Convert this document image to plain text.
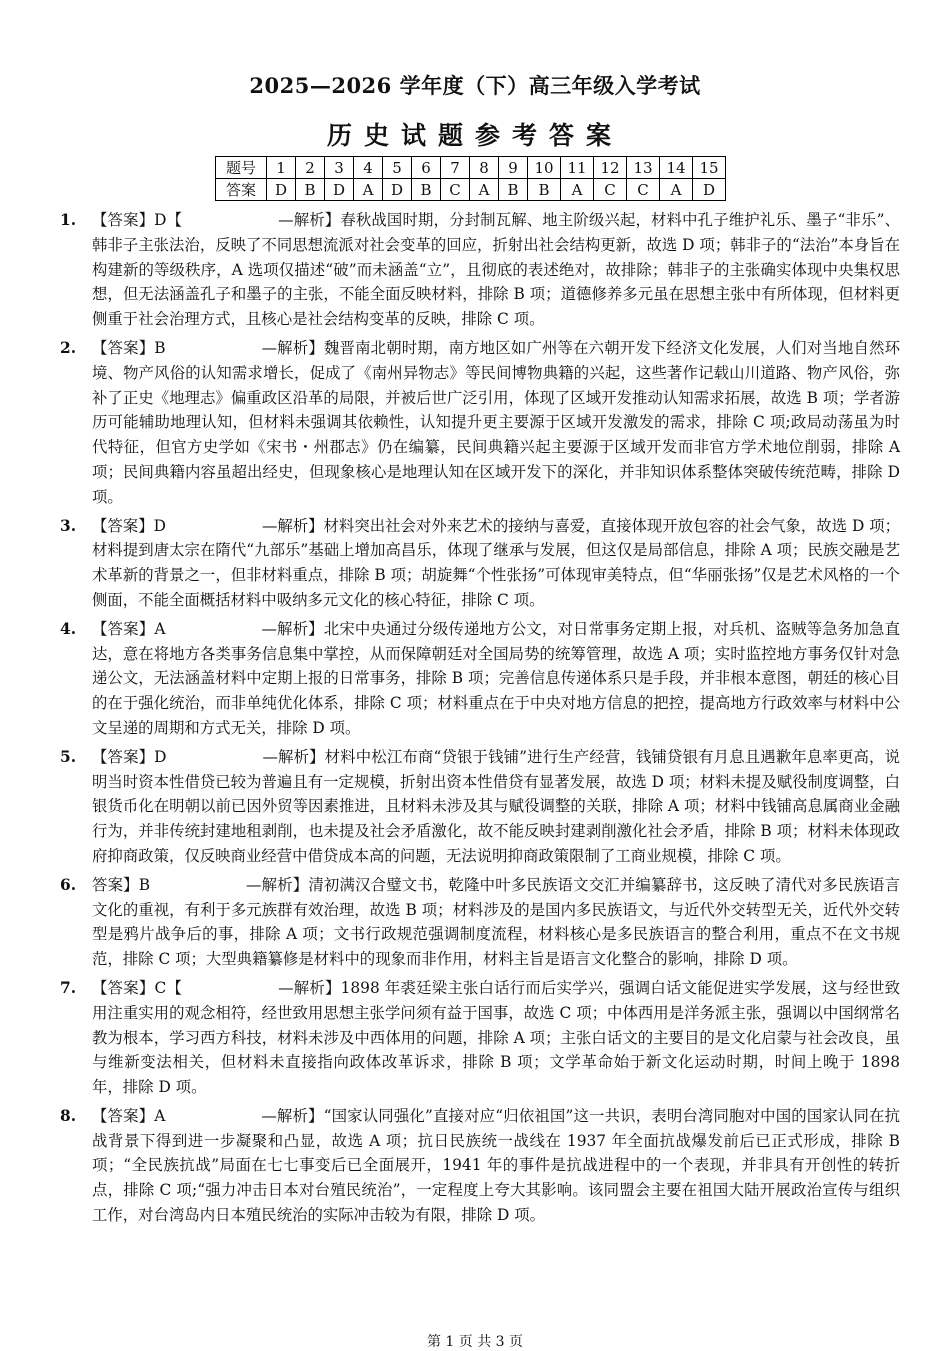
2025—2026 学年度（下）高三年级入学考试
历史试题参考答案
题号	1	2	3	4	5	6	7	8	9	10	11	12	13	14	15
答案	D	B	D	A	D	B	C	A	B	B	A	C	C	A	D
1. 【答案】D【	—解析】春秋战国时期，分封制瓦解、地主阶级兴起，材料中孔子维护礼乐、墨子“非乐”、韩非子主张法治，反映了不同思想流派对社会变革的回应，折射出社会结构更新，故选 D 项；韩非子的“法治”本身旨在构建新的等级秩序，A 选项仅描述“破”而未涵盖“立”，且彻底的表述绝对，故排除；韩非子的主张确实体现中央集权思想，但无法涵盖孔子和墨子的主张，不能全面反映材料，排除 B 项；道德修养多元虽在思想主张中有所体现，但材料更侧重于社会治理方式，且核心是社会结构变革的反映，排除 C 项。
2. 【答案】B	—解析】魏晋南北朝时期，南方地区如广州等在六朝开发下经济文化发展，人们对当地自然环境、物产风俗的认知需求增长，促成了《南州异物志》等民间博物典籍的兴起，这些著作记载山川道路、物产风俗，弥补了正史《地理志》偏重政区沿革的局限，并被后世广泛引用，体现了区域开发推动认知需求拓展，故选 B 项；学者游历可能辅助地理认知，但材料未强调其依赖性，认知提升更主要源于区域开发激发的需求，排除 C 项;政局动荡虽为时代特征，但官方史学如《宋书・州郡志》仍在编纂，民间典籍兴起主要源于区域开发而非官方学术地位削弱，排除 A 项；民间典籍内容虽超出经史，但现象核心是地理认知在区域开发下的深化，并非知识体系整体突破传统范畴，排除 D 项。
3. 【答案】D	—解析】材料突出社会对外来艺术的接纳与喜爱，直接体现开放包容的社会气象，故选 D 项；材料提到唐太宗在隋代“九部乐”基础上增加高昌乐，体现了继承与发展，但这仅是局部信息，排除 A 项；民族交融是艺术革新的背景之一，但非材料重点，排除 B 项；胡旋舞“个性张扬”可体现审美特点，但“华丽张扬”仅是艺术风格的一个侧面，不能全面概括材料中吸纳多元文化的核心特征，排除 C 项。
4. 【答案】A	—解析】北宋中央通过分级传递地方公文，对日常事务定期上报，对兵机、盗贼等急务加急直达，意在将地方各类事务信息集中掌控，从而保障朝廷对全国局势的统筹管理，故选 A 项；实时监控地方事务仅针对急递公文，无法涵盖材料中定期上报的日常事务，排除 B 项；完善信息传递体系只是手段，并非根本意图，朝廷的核心目的在于强化统治，而非单纯优化体系，排除 C 项；材料重点在于中央对地方信息的把控，提高地方行政效率与材料中公文呈递的周期和方式无关，排除 D 项。
5. 【答案】D	—解析】材料中松江布商“贷银于钱铺”进行生产经营，钱铺贷银有月息且遇歉年息率更高，说明当时资本性借贷已较为普遍且有一定规模，折射出资本性借贷有显著发展，故选 D 项；材料未提及赋役制度调整，白银货币化在明朝以前已因外贸等因素推进，且材料未涉及其与赋役调整的关联，排除 A 项；材料中钱铺高息属商业金融行为，并非传统封建地租剥削，也未提及社会矛盾激化，故不能反映封建剥削激化社会矛盾，排除 B 项；材料未体现政府抑商政策，仅反映商业经营中借贷成本高的问题，无法说明抑商政策限制了工商业规模，排除 C 项。
6. 答案】B	—解析】清初满汉合璧文书，乾隆中叶多民族语文交汇并编纂辞书，这反映了清代对多民族语言文化的重视，有利于多元族群有效治理，故选 B 项；材料涉及的是国内多民族语文，与近代外交转型无关，近代外交转型是鸦片战争后的事，排除 A 项；文书行政规范强调制度流程，材料核心是多民族语言的整合利用，重点不在文书规范，排除 C 项；大型典籍纂修是材料中的现象而非作用，材料主旨是语言文化整合的影响，排除 D 项。
7. 【答案】C【	—解析】1898 年裘廷梁主张白话行而后实学兴，强调白话文能促进实学发展，这与经世致用注重实用的观念相符，经世致用思想主张学问须有益于国事，故选 C 项；中体西用是洋务派主张，强调以中国纲常名教为根本，学习西方科技，材料未涉及中西体用的问题，排除 A 项；主张白话文的主要目的是文化启蒙与社会改良，虽与维新变法相关，但材料未直接指向政体改革诉求，排除 B 项；文学革命始于新文化运动时期，时间上晚于 1898 年，排除 D 项。
8. 【答案】A	—解析】“国家认同强化”直接对应“归依祖国”这一共识，表明台湾同胞对中国的国家认同在抗战背景下得到进一步凝聚和凸显，故选 A 项；抗日民族统一战线在 1937 年全面抗战爆发前后已正式形成，排除 B 项；“全民族抗战”局面在七七事变后已全面展开，1941 年的事件是抗战进程中的一个表现，并非具有开创性的转折点，排除 C 项;“强力冲击日本对台殖民统治”，一定程度上夸大其影响。该同盟会主要在祖国大陆开展政治宣传与组织工作，对台湾岛内日本殖民统治的实际冲击较为有限，排除 D 项。
第 1 页 共 3 页
